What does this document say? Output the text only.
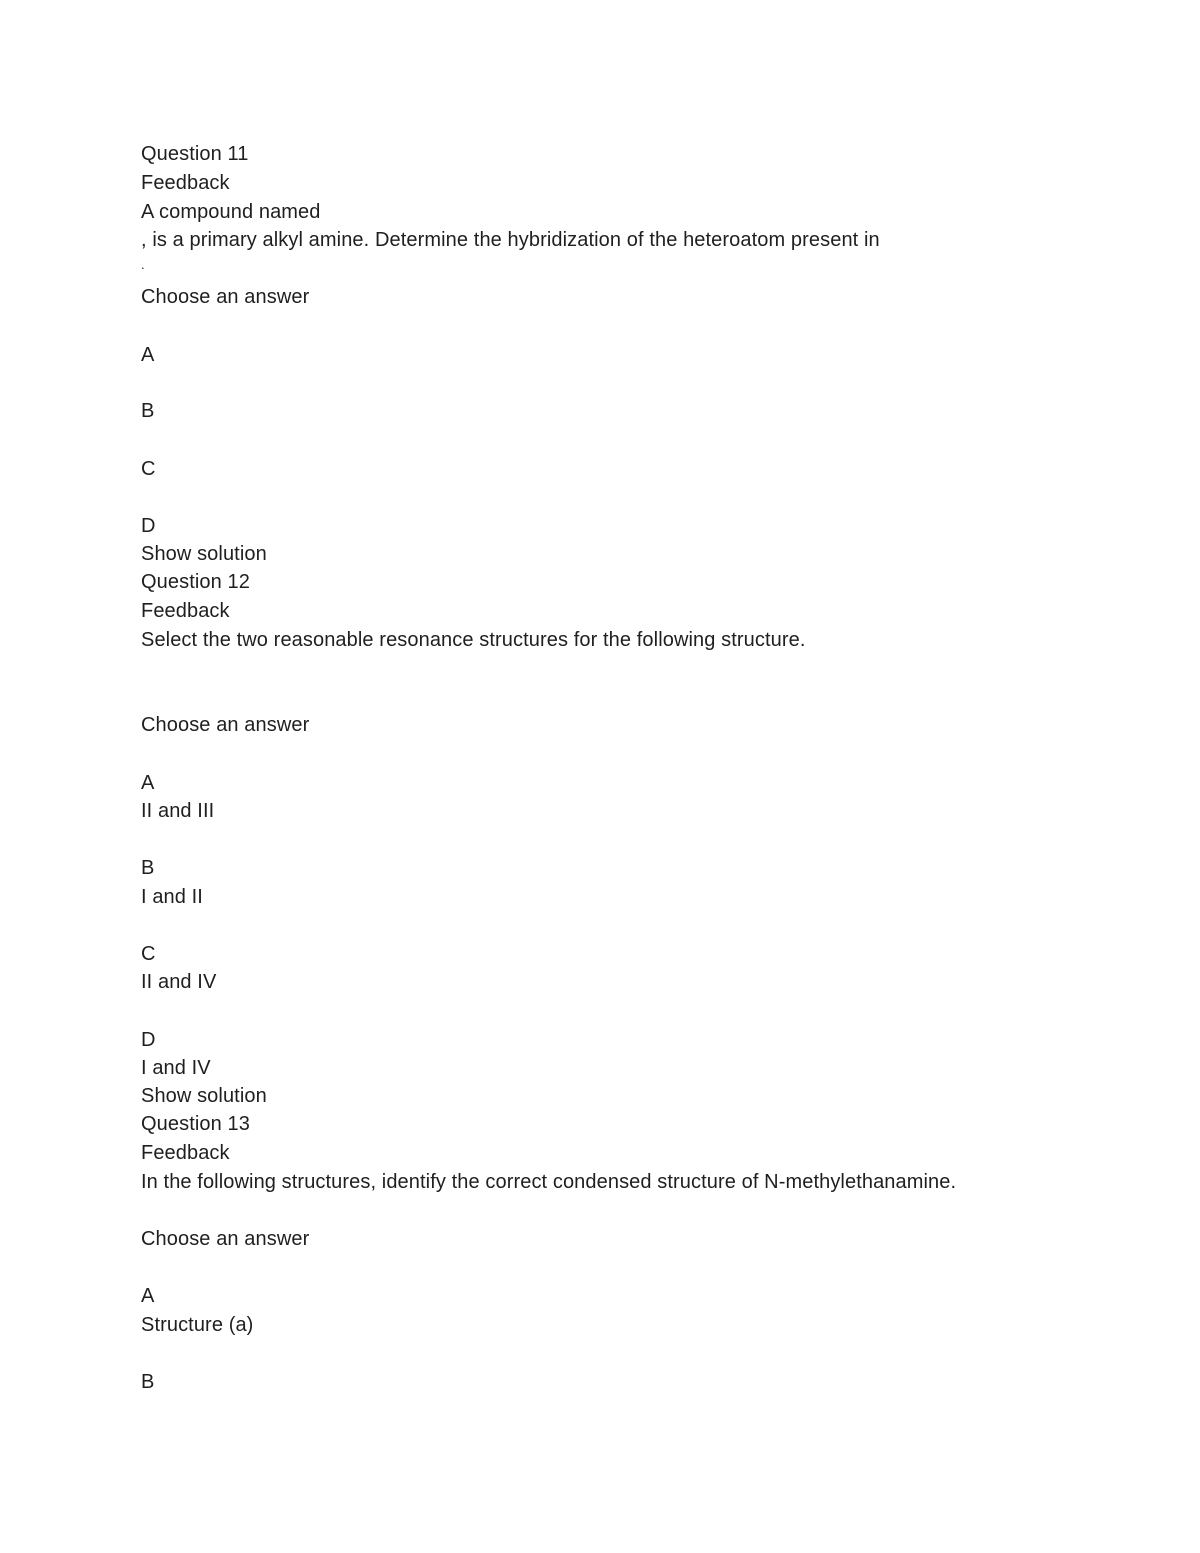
Question 11
Feedback
A compound named
, is a primary alkyl amine. Determine the hybridization of the heteroatom present in
.
Choose an answer
A
B
C
D
Show solution
Question 12
Feedback
Select the two reasonable resonance structures for the following structure.
Choose an answer
A
II and III
B
I and II
C
II and IV
D
I and IV
Show solution
Question 13
Feedback
In the following structures, identify the correct condensed structure of N-methylethanamine.
Choose an answer
A
Structure (a)
B
